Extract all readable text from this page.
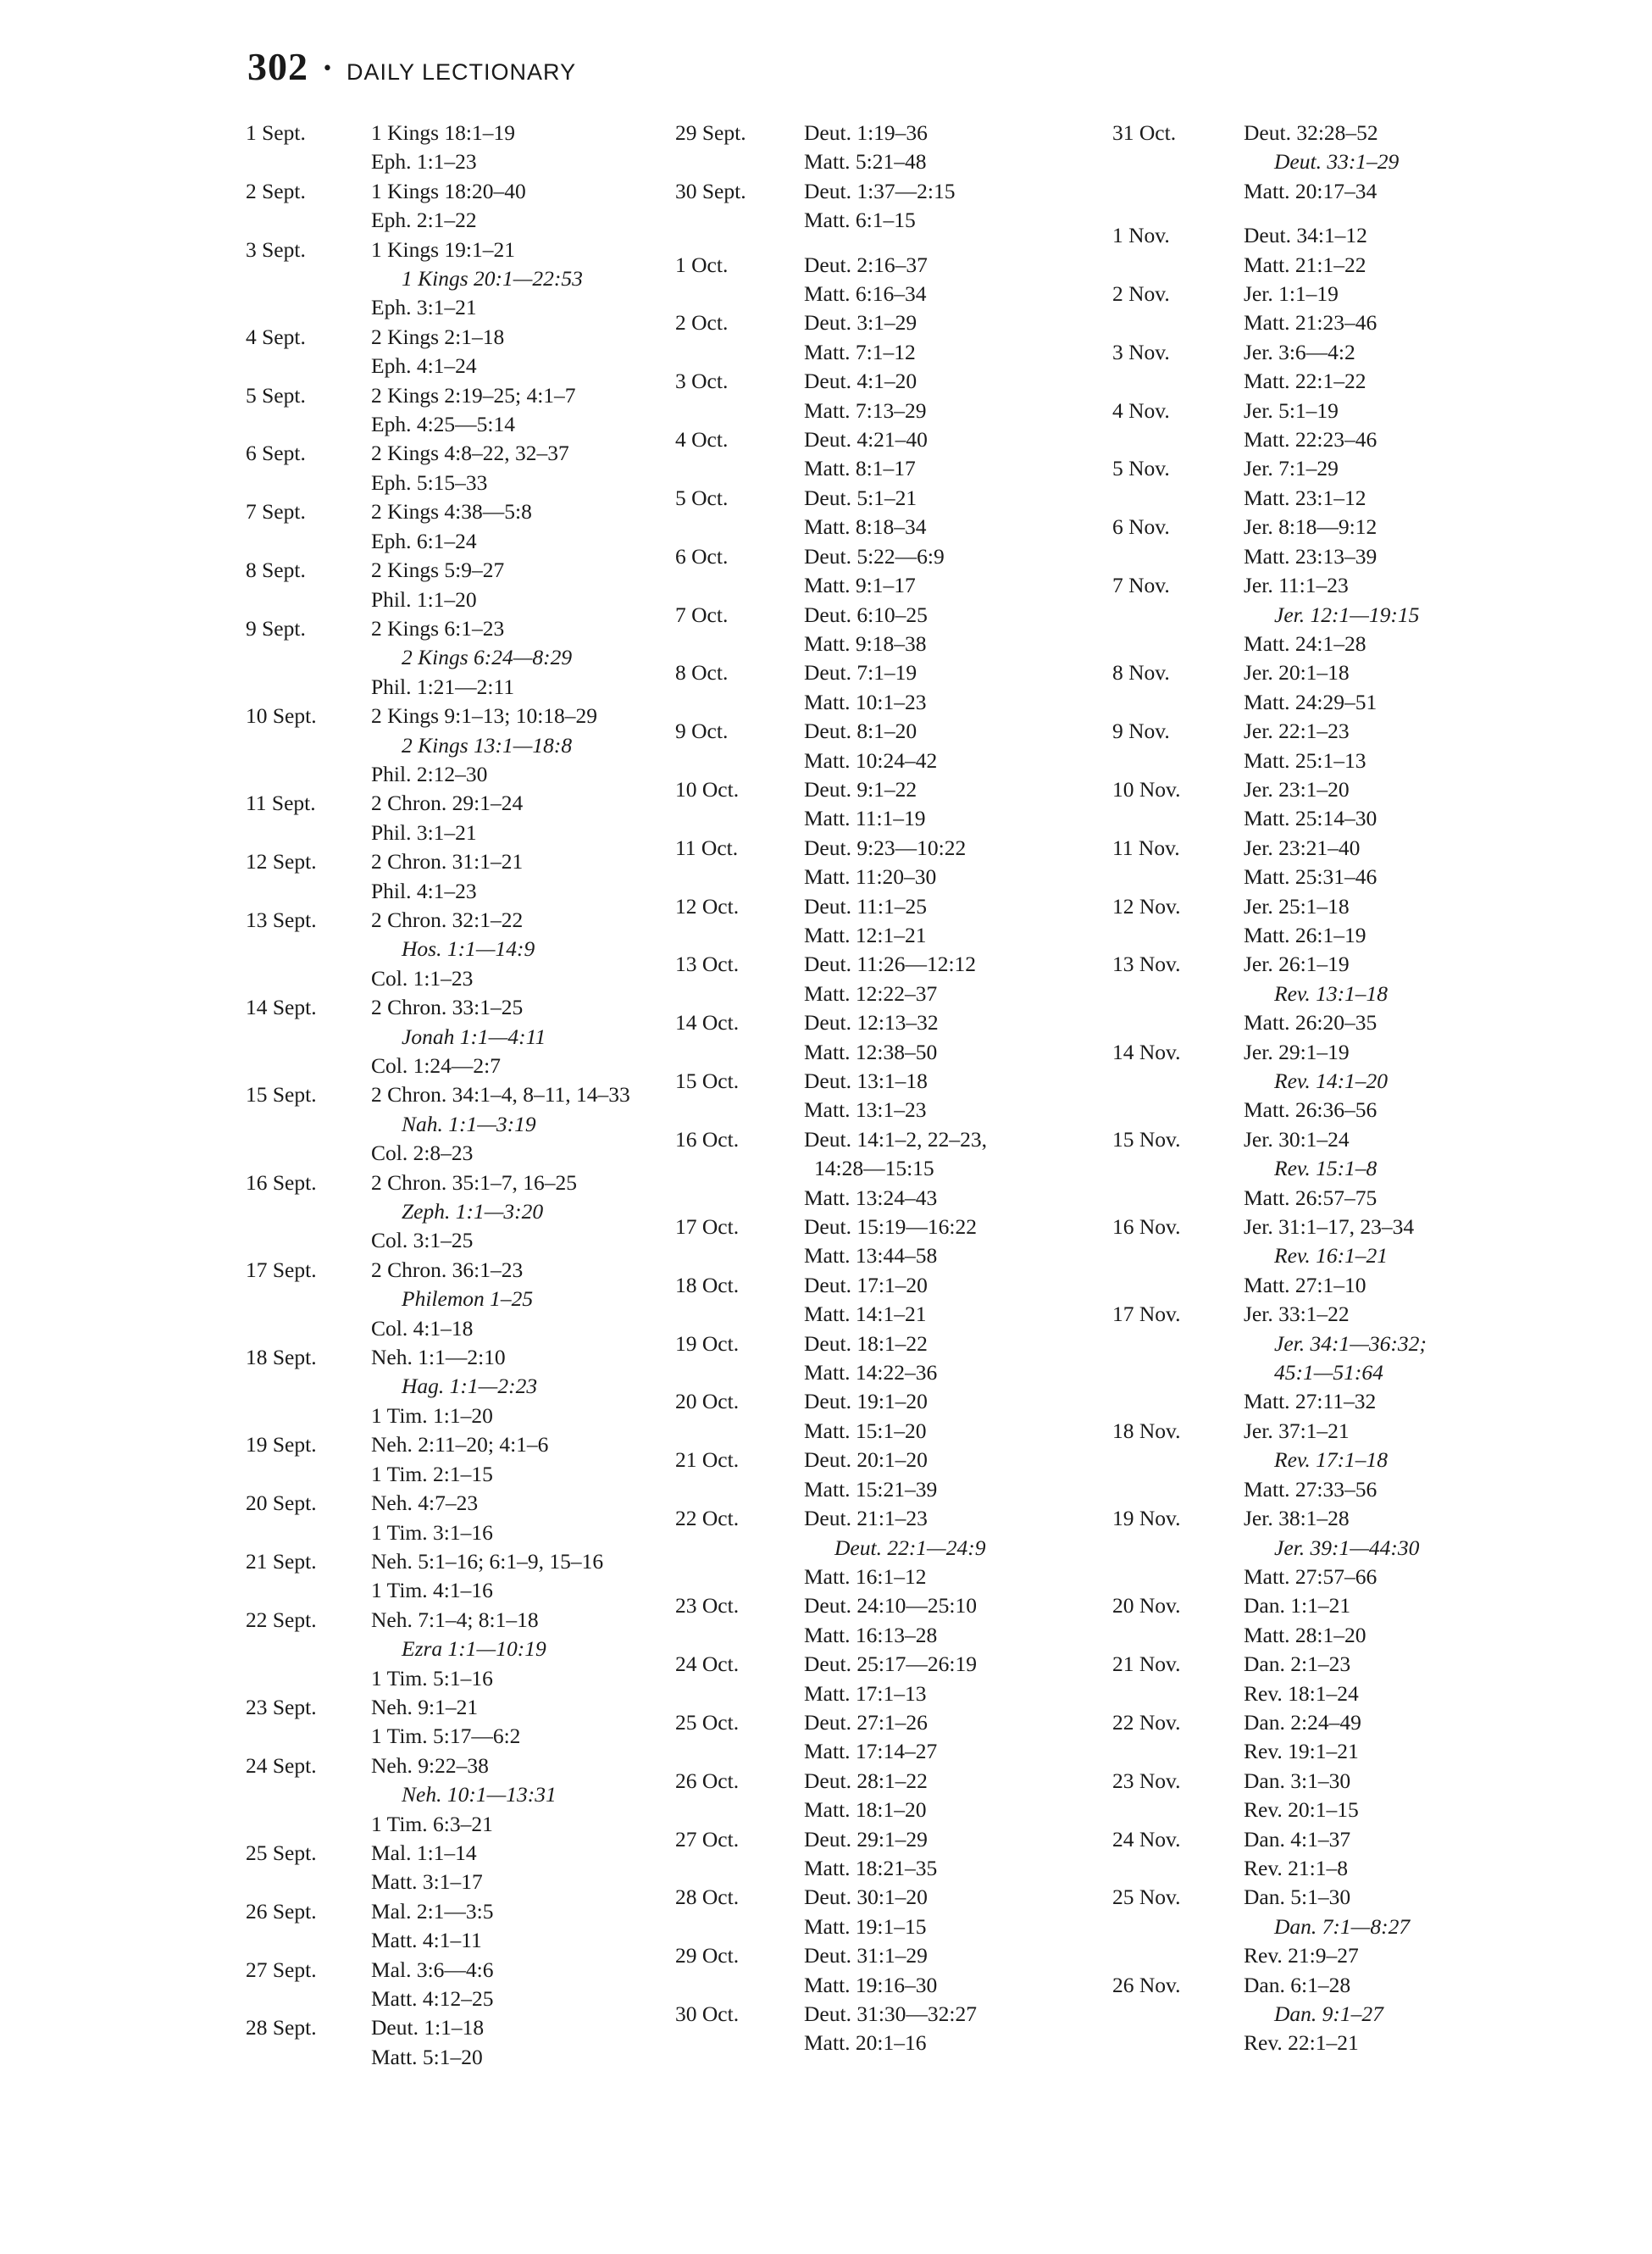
302 • DAILY LECTIONARY
1 Sept.	1 Kings 18:1–19
Eph. 1:1–23
2 Sept.	1 Kings 18:20–40
Eph. 2:1–22
3 Sept.	1 Kings 19:1–21
1 Kings 20:1—22:53
Eph. 3:1–21
4 Sept.	2 Kings 2:1–18
Eph. 4:1–24
5 Sept.	2 Kings 2:19–25; 4:1–7
Eph. 4:25—5:14
6 Sept.	2 Kings 4:8–22, 32–37
Eph. 5:15–33
7 Sept.	2 Kings 4:38—5:8
Eph. 6:1–24
8 Sept.	2 Kings 5:9–27
Phil. 1:1–20
9 Sept.	2 Kings 6:1–23
2 Kings 6:24—8:29
Phil. 1:21—2:11
10 Sept.	2 Kings 9:1–13; 10:18–29
2 Kings 13:1—18:8
Phil. 2:12–30
11 Sept.	2 Chron. 29:1–24
Phil. 3:1–21
12 Sept.	2 Chron. 31:1–21
Phil. 4:1–23
13 Sept.	2 Chron. 32:1–22
Hos. 1:1—14:9
Col. 1:1–23
14 Sept.	2 Chron. 33:1–25
Jonah 1:1—4:11
Col. 1:24—2:7
15 Sept.	2 Chron. 34:1–4, 8–11, 14–33
Nah. 1:1—3:19
Col. 2:8–23
16 Sept.	2 Chron. 35:1–7, 16–25
Zeph. 1:1—3:20
Col. 3:1–25
17 Sept.	2 Chron. 36:1–23
Philemon 1–25
Col. 4:1–18
18 Sept.	Neh. 1:1—2:10
Hag. 1:1—2:23
1 Tim. 1:1–20
19 Sept.	Neh. 2:11–20; 4:1–6
1 Tim. 2:1–15
20 Sept.	Neh. 4:7–23
1 Tim. 3:1–16
21 Sept.	Neh. 5:1–16; 6:1–9, 15–16
1 Tim. 4:1–16
22 Sept.	Neh. 7:1–4; 8:1–18
Ezra 1:1—10:19
1 Tim. 5:1–16
23 Sept.	Neh. 9:1–21
1 Tim. 5:17—6:2
24 Sept.	Neh. 9:22–38
Neh. 10:1—13:31
1 Tim. 6:3–21
25 Sept.	Mal. 1:1–14
Matt. 3:1–17
26 Sept.	Mal. 2:1—3:5
Matt. 4:1–11
27 Sept.	Mal. 3:6—4:6
Matt. 4:12–25
28 Sept.	Deut. 1:1–18
Matt. 5:1–20
29 Sept.	Deut. 1:19–36
Matt. 5:21–48
30 Sept.	Deut. 1:37—2:15
Matt. 6:1–15
1 Oct.	Deut. 2:16–37
Matt. 6:16–34
2 Oct.	Deut. 3:1–29
Matt. 7:1–12
3 Oct.	Deut. 4:1–20
Matt. 7:13–29
4 Oct.	Deut. 4:21–40
Matt. 8:1–17
5 Oct.	Deut. 5:1–21
Matt. 8:18–34
6 Oct.	Deut. 5:22—6:9
Matt. 9:1–17
7 Oct.	Deut. 6:10–25
Matt. 9:18–38
8 Oct.	Deut. 7:1–19
Matt. 10:1–23
9 Oct.	Deut. 8:1–20
Matt. 10:24–42
10 Oct.	Deut. 9:1–22
Matt. 11:1–19
11 Oct.	Deut. 9:23—10:22
Matt. 11:20–30
12 Oct.	Deut. 11:1–25
Matt. 12:1–21
13 Oct.	Deut. 11:26—12:12
Matt. 12:22–37
14 Oct.	Deut. 12:13–32
Matt. 12:38–50
15 Oct.	Deut. 13:1–18
Matt. 13:1–23
16 Oct.	Deut. 14:1–2, 22–23,
14:28—15:15
Matt. 13:24–43
17 Oct.	Deut. 15:19—16:22
Matt. 13:44–58
18 Oct.	Deut. 17:1–20
Matt. 14:1–21
19 Oct.	Deut. 18:1–22
Matt. 14:22–36
20 Oct.	Deut. 19:1–20
Matt. 15:1–20
21 Oct.	Deut. 20:1–20
Matt. 15:21–39
22 Oct.	Deut. 21:1–23
Deut. 22:1—24:9
Matt. 16:1–12
23 Oct.	Deut. 24:10—25:10
Matt. 16:13–28
24 Oct.	Deut. 25:17—26:19
Matt. 17:1–13
25 Oct.	Deut. 27:1–26
Matt. 17:14–27
26 Oct.	Deut. 28:1–22
Matt. 18:1–20
27 Oct.	Deut. 29:1–29
Matt. 18:21–35
28 Oct.	Deut. 30:1–20
Matt. 19:1–15
29 Oct.	Deut. 31:1–29
Matt. 19:16–30
30 Oct.	Deut. 31:30—32:27
Matt. 20:1–16
31 Oct.	Deut. 32:28–52
Deut. 33:1–29
Matt. 20:17–34
1 Nov.	Deut. 34:1–12
Matt. 21:1–22
2 Nov.	Jer. 1:1–19
Matt. 21:23–46
3 Nov.	Jer. 3:6—4:2
Matt. 22:1–22
4 Nov.	Jer. 5:1–19
Matt. 22:23–46
5 Nov.	Jer. 7:1–29
Matt. 23:1–12
6 Nov.	Jer. 8:18—9:12
Matt. 23:13–39
7 Nov.	Jer. 11:1–23
Jer. 12:1—19:15
Matt. 24:1–28
8 Nov.	Jer. 20:1–18
Matt. 24:29–51
9 Nov.	Jer. 22:1–23
Matt. 25:1–13
10 Nov.	Jer. 23:1–20
Matt. 25:14–30
11 Nov.	Jer. 23:21–40
Matt. 25:31–46
12 Nov.	Jer. 25:1–18
Matt. 26:1–19
13 Nov.	Jer. 26:1–19
Rev. 13:1–18
Matt. 26:20–35
14 Nov.	Jer. 29:1–19
Rev. 14:1–20
Matt. 26:36–56
15 Nov.	Jer. 30:1–24
Rev. 15:1–8
Matt. 26:57–75
16 Nov.	Jer. 31:1–17, 23–34
Rev. 16:1–21
Matt. 27:1–10
17 Nov.	Jer. 33:1–22
Jer. 34:1—36:32;
45:1—51:64
Matt. 27:11–32
18 Nov.	Jer. 37:1–21
Rev. 17:1–18
Matt. 27:33–56
19 Nov.	Jer. 38:1–28
Jer. 39:1—44:30
Matt. 27:57–66
20 Nov.	Dan. 1:1–21
Matt. 28:1–20
21 Nov.	Dan. 2:1–23
Rev. 18:1–24
22 Nov.	Dan. 2:24–49
Rev. 19:1–21
23 Nov.	Dan. 3:1–30
Rev. 20:1–15
24 Nov.	Dan. 4:1–37
Rev. 21:1–8
25 Nov.	Dan. 5:1–30
Dan. 7:1—8:27
Rev. 21:9–27
26 Nov.	Dan. 6:1–28
Dan. 9:1–27
Rev. 22:1–21
